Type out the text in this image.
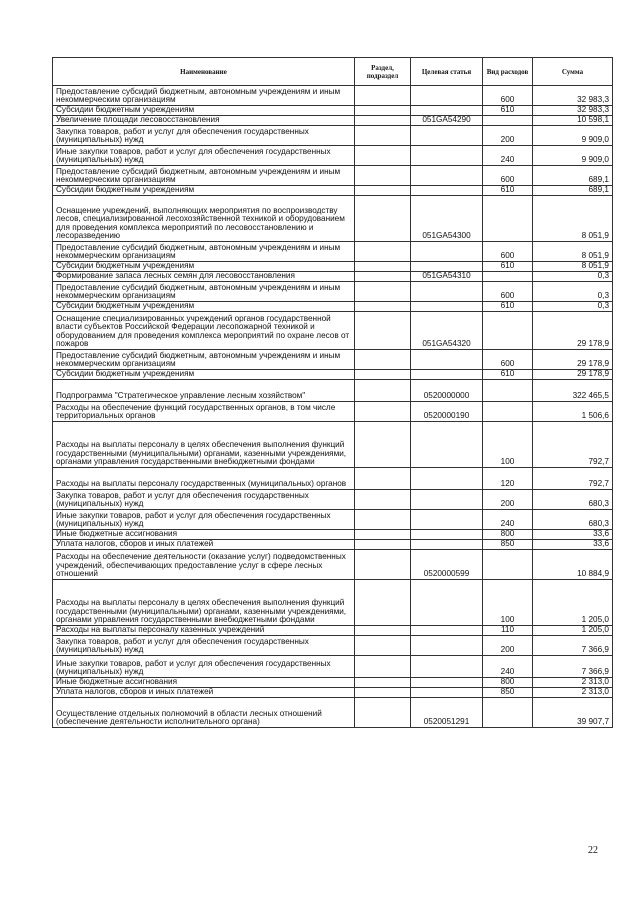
Наименование	Раздел, подраздел	Целевая статья	Вид расходов	Сумма
Предоставление субсидий бюджетным, автономным учреждениям и иным некоммерческим организациям			600	32 983,3
Субсидии бюджетным учреждениям			610	32 983,3
Увеличение площади лесовосстановления		051GA54290		10 598,1
Закупка товаров, работ и услуг для обеспечения государственных (муниципальных) нужд			200	9 909,0
Иные закупки товаров, работ и услуг для обеспечения государственных (муниципальных) нужд			240	9 909,0
Предоставление субсидий бюджетным, автономным учреждениям и иным некоммерческим организациям			600	689,1
Субсидии бюджетным учреждениям			610	689,1
Оснащение учреждений, выполняющих мероприятия по воспроизводству лесов, специализированной лесохозяйственной техникой и оборудованием для проведения комплекса мероприятий по лесовосстановлению и лесоразведению		051GA54300		8 051,9
Предоставление субсидий бюджетным, автономным учреждениям и иным некоммерческим организациям			600	8 051,9
Субсидии бюджетным учреждениям			610	8 051,9
Формирование запаса лесных семян для лесовосстановления		051GA54310		0,3
Предоставление субсидий бюджетным, автономным учреждениям и иным некоммерческим организациям			600	0,3
Субсидии бюджетным учреждениям			610	0,3
Оснащение специализированных учреждений органов государственной власти субъектов Российской Федерации лесопожарной техникой и оборудованием для проведения комплекса мероприятий по охране лесов от пожаров		051GA54320		29 178,9
Предоставление субсидий бюджетным, автономным учреждениям и иным некоммерческим организациям			600	29 178,9
Субсидии бюджетным учреждениям			610	29 178,9
Подпрограмма "Стратегическое управление лесным хозяйством"		0520000000		322 465,5
Расходы на обеспечение функций государственных органов, в том числе территориальных органов		0520000190		1 506,6
Расходы на выплаты персоналу в целях обеспечения выполнения функций государственными (муниципальными) органами, казенными учреждениями, органами управления государственными внебюджетными фондами			100	792,7
Расходы на выплаты персоналу государственных (муниципальных) органов			120	792,7
Закупка товаров, работ и услуг для обеспечения государственных (муниципальных) нужд			200	680,3
Иные закупки товаров, работ и услуг для обеспечения государственных (муниципальных) нужд			240	680,3
Иные бюджетные ассигнования			800	33,6
Уплата налогов, сборов и иных платежей			850	33,6
Расходы на обеспечение деятельности (оказание услуг) подведомственных учреждений, обеспечивающих предоставление услуг в сфере лесных отношений		0520000599		10 884,9
Расходы на выплаты персоналу в целях обеспечения выполнения функций государственными (муниципальными) органами, казенными учреждениями, органами управления государственными внебюджетными фондами			100	1 205,0
Расходы на выплаты персоналу казенных учреждений			110	1 205,0
Закупка товаров, работ и услуг для обеспечения государственных (муниципальных) нужд			200	7 366,9
Иные закупки товаров, работ и услуг для обеспечения государственных (муниципальных) нужд			240	7 366,9
Иные бюджетные ассигнования			800	2 313,0
Уплата налогов, сборов и иных платежей			850	2 313,0
Осуществление отдельных полномочий в области лесных отношений (обеспечение деятельности исполнительного органа)		0520051291		39 907,7
22
